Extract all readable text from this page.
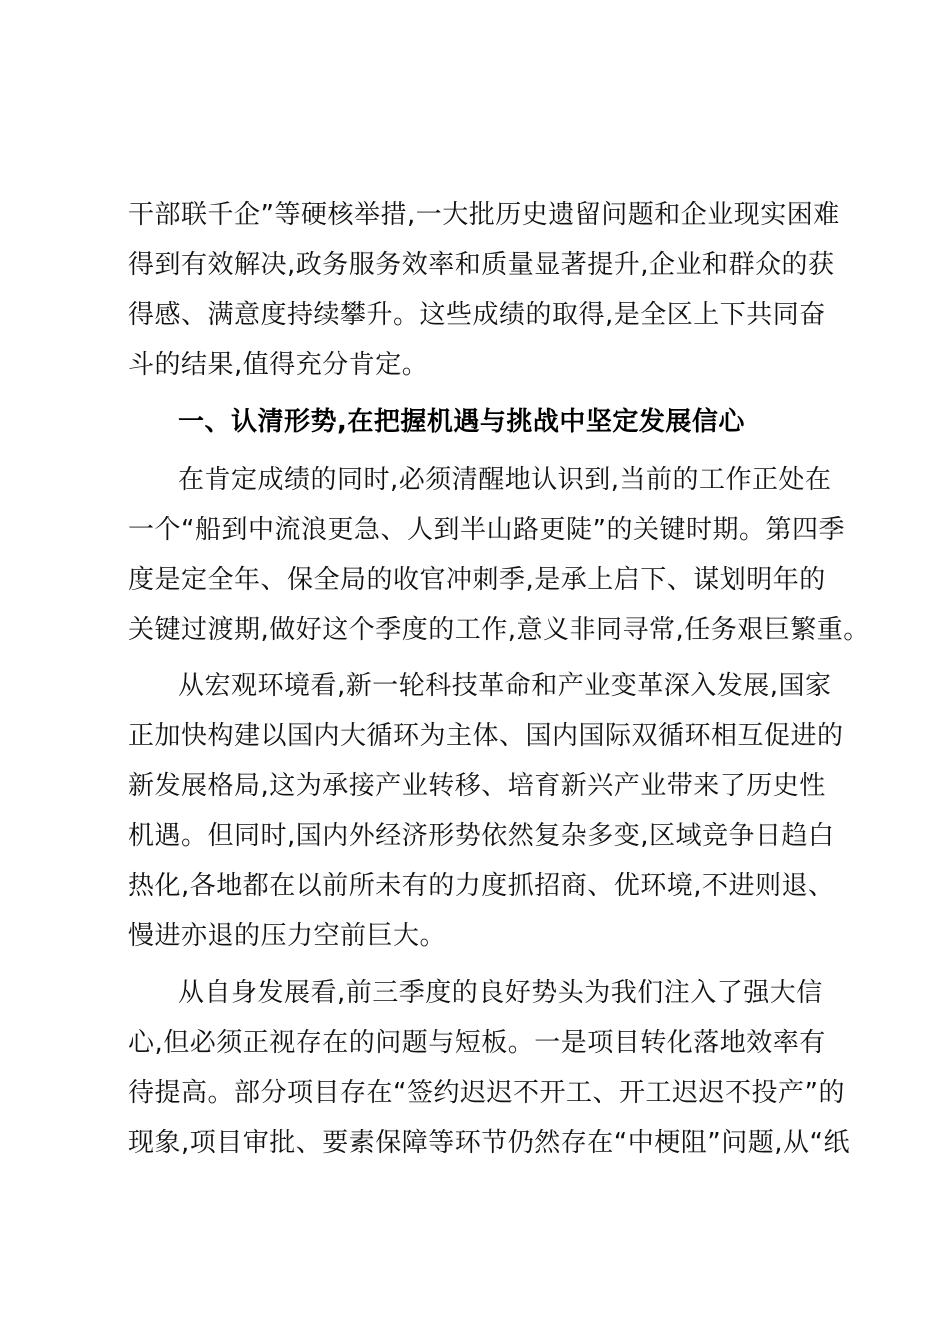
干部联千企”等硬核举措,一大批历史遗留问题和企业现实困难
得到有效解决,政务服务效率和质量显著提升,企业和群众的获
得感、满意度持续攀升。这些成绩的取得,是全区上下共同奋
斗的结果,值得充分肯定。
一、认清形势,在把握机遇与挑战中坚定发展信心
在肯定成绩的同时,必须清醒地认识到,当前的工作正处在
一个“船到中流浪更急、人到半山路更陡”的关键时期。第四季
度是定全年、保全局的收官冲刺季,是承上启下、谋划明年的
关键过渡期,做好这个季度的工作,意义非同寻常,任务艰巨繁重。
从宏观环境看,新一轮科技革命和产业变革深入发展,国家
正加快构建以国内大循环为主体、国内国际双循环相互促进的
新发展格局,这为承接产业转移、培育新兴产业带来了历史性
机遇。但同时,国内外经济形势依然复杂多变,区域竞争日趋白
热化,各地都在以前所未有的力度抓招商、优环境,不进则退、
慢进亦退的压力空前巨大。
从自身发展看,前三季度的良好势头为我们注入了强大信
心,但必须正视存在的问题与短板。一是项目转化落地效率有
待提高。部分项目存在“签约迟迟不开工、开工迟迟不投产”的
现象,项目审批、要素保障等环节仍然存在“中梗阻”问题,从“纸
